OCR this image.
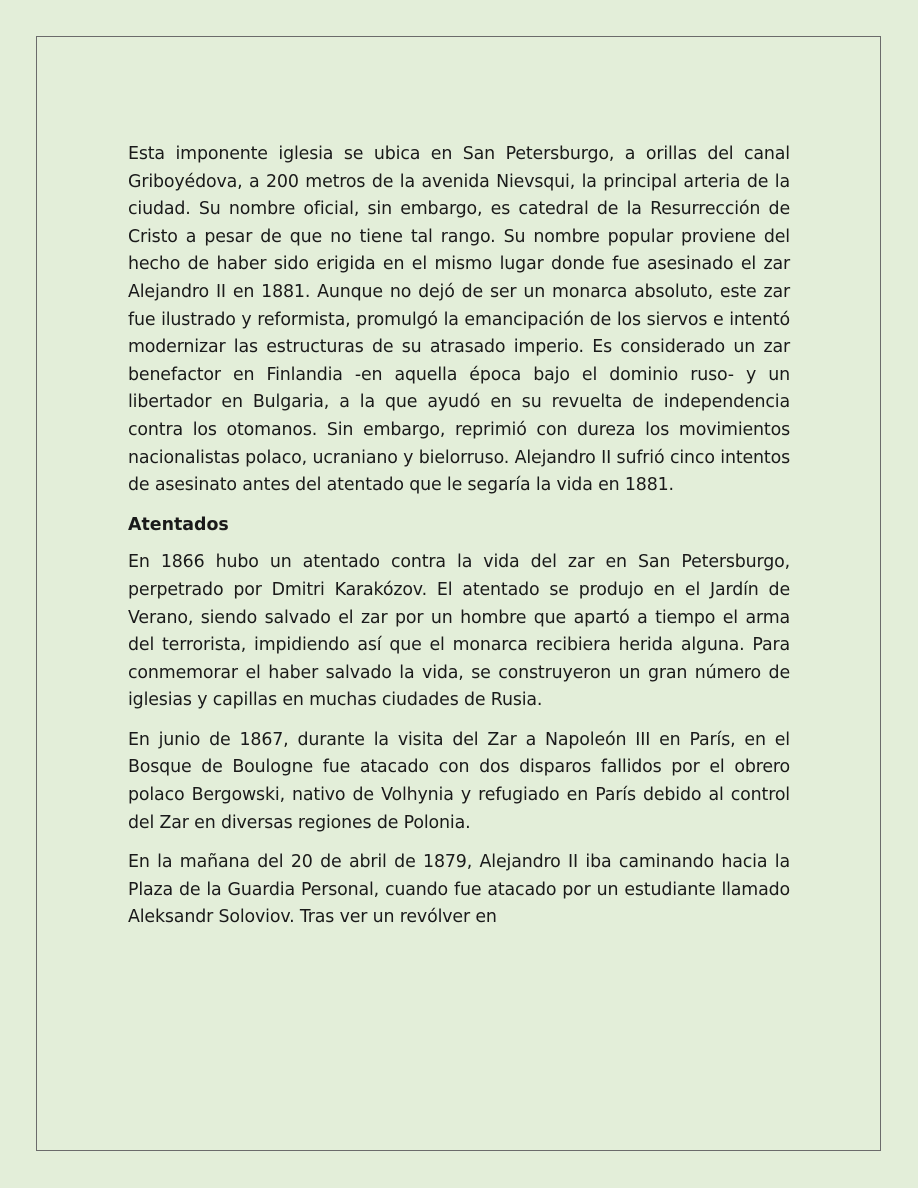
Esta imponente iglesia se ubica en San Petersburgo, a orillas del canal Griboyédova, a 200 metros de la avenida Nievsqui, la principal arteria de la ciudad. Su nombre oficial, sin embargo, es catedral de la Resurrección de Cristo a pesar de que no tiene tal rango. Su nombre popular proviene del hecho de haber sido erigida en el mismo lugar donde fue asesinado el zar Alejandro II en 1881. Aunque no dejó de ser un monarca absoluto, este zar fue ilustrado y reformista, promulgó la emancipación de los siervos e intentó modernizar las estructuras de su atrasado imperio. Es considerado un zar benefactor en Finlandia -en aquella época bajo el dominio ruso- y un libertador en Bulgaria, a la que ayudó en su revuelta de independencia contra los otomanos. Sin embargo, reprimió con dureza los movimientos nacionalistas polaco, ucraniano y bielorruso. Alejandro II sufrió cinco intentos de asesinato antes del atentado que le segaría la vida en 1881.

Atentados

En 1866 hubo un atentado contra la vida del zar en San Petersburgo, perpetrado por Dmitri Karakózov. El atentado se produjo en el Jardín de Verano, siendo salvado el zar por un hombre que apartó a tiempo el arma del terrorista, impidiendo así que el monarca recibiera herida alguna. Para conmemorar el haber salvado la vida, se construyeron un gran número de iglesias y capillas en muchas ciudades de Rusia.

En junio de 1867, durante la visita del Zar a Napoleón III en París, en el Bosque de Boulogne fue atacado con dos disparos fallidos por el obrero polaco Bergowski, nativo de Volhynia y refugiado en París debido al control del Zar en diversas regiones de Polonia.

En la mañana del 20 de abril de 1879, Alejandro II iba caminando hacia la Plaza de la Guardia Personal, cuando fue atacado por un estudiante llamado Aleksandr Soloviov. Tras ver un revólver en
